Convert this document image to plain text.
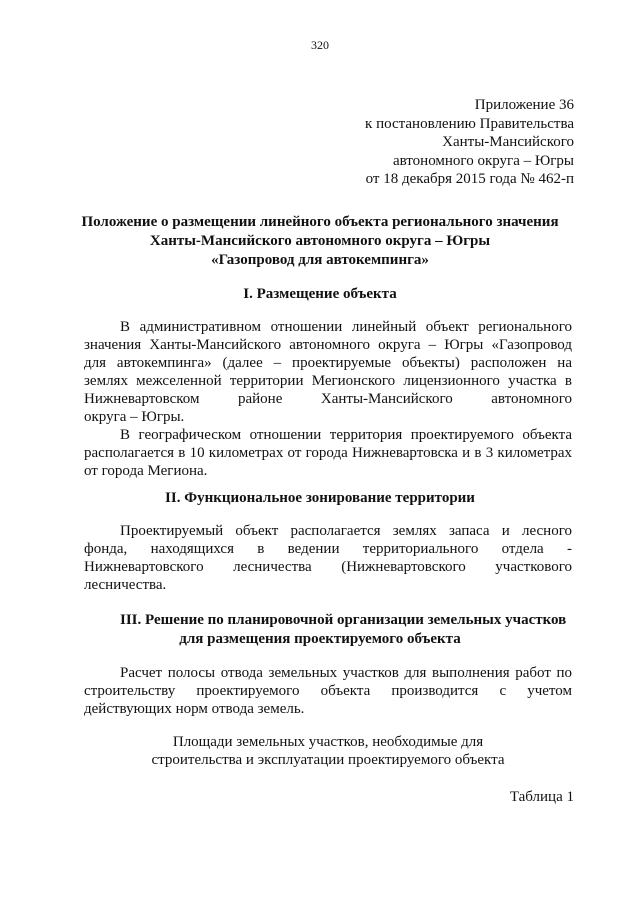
320
Приложение 36
к постановлению Правительства
Ханты-Мансийского
автономного округа – Югры
от 18 декабря 2015 года № 462-п
Положение о размещении линейного объекта регионального значения
Ханты-Мансийского автономного округа – Югры
«Газопровод для автокемпинга»
I. Размещение объекта
В административном отношении линейный объект регионального
значения Ханты-Мансийского автономного округа – Югры «Газопровод
для автокемпинга» (далее – проектируемые объекты) расположен на
землях межселенной территории Мегионского лицензионного участка в
Нижневартовском районе Ханты-Мансийского автономного
округа – Югры.
В географическом отношении территория проектируемого объекта
располагается в 10 километрах от города Нижневартовска и в 3 километрах
от города Мегиона.
II. Функциональное зонирование территории
Проектируемый объект располагается землях запаса и лесного
фонда, находящихся в ведении территориального отдела -
Нижневартовского лесничества (Нижневартовского участкового
лесничества.
III. Решение по планировочной организации земельных участков
для размещения проектируемого объекта
Расчет полосы отвода земельных участков для выполнения работ по
строительству проектируемого объекта производится с учетом
действующих норм отвода земель.
Площади земельных участков, необходимые для
строительства и эксплуатации проектируемого объекта
Таблица 1
